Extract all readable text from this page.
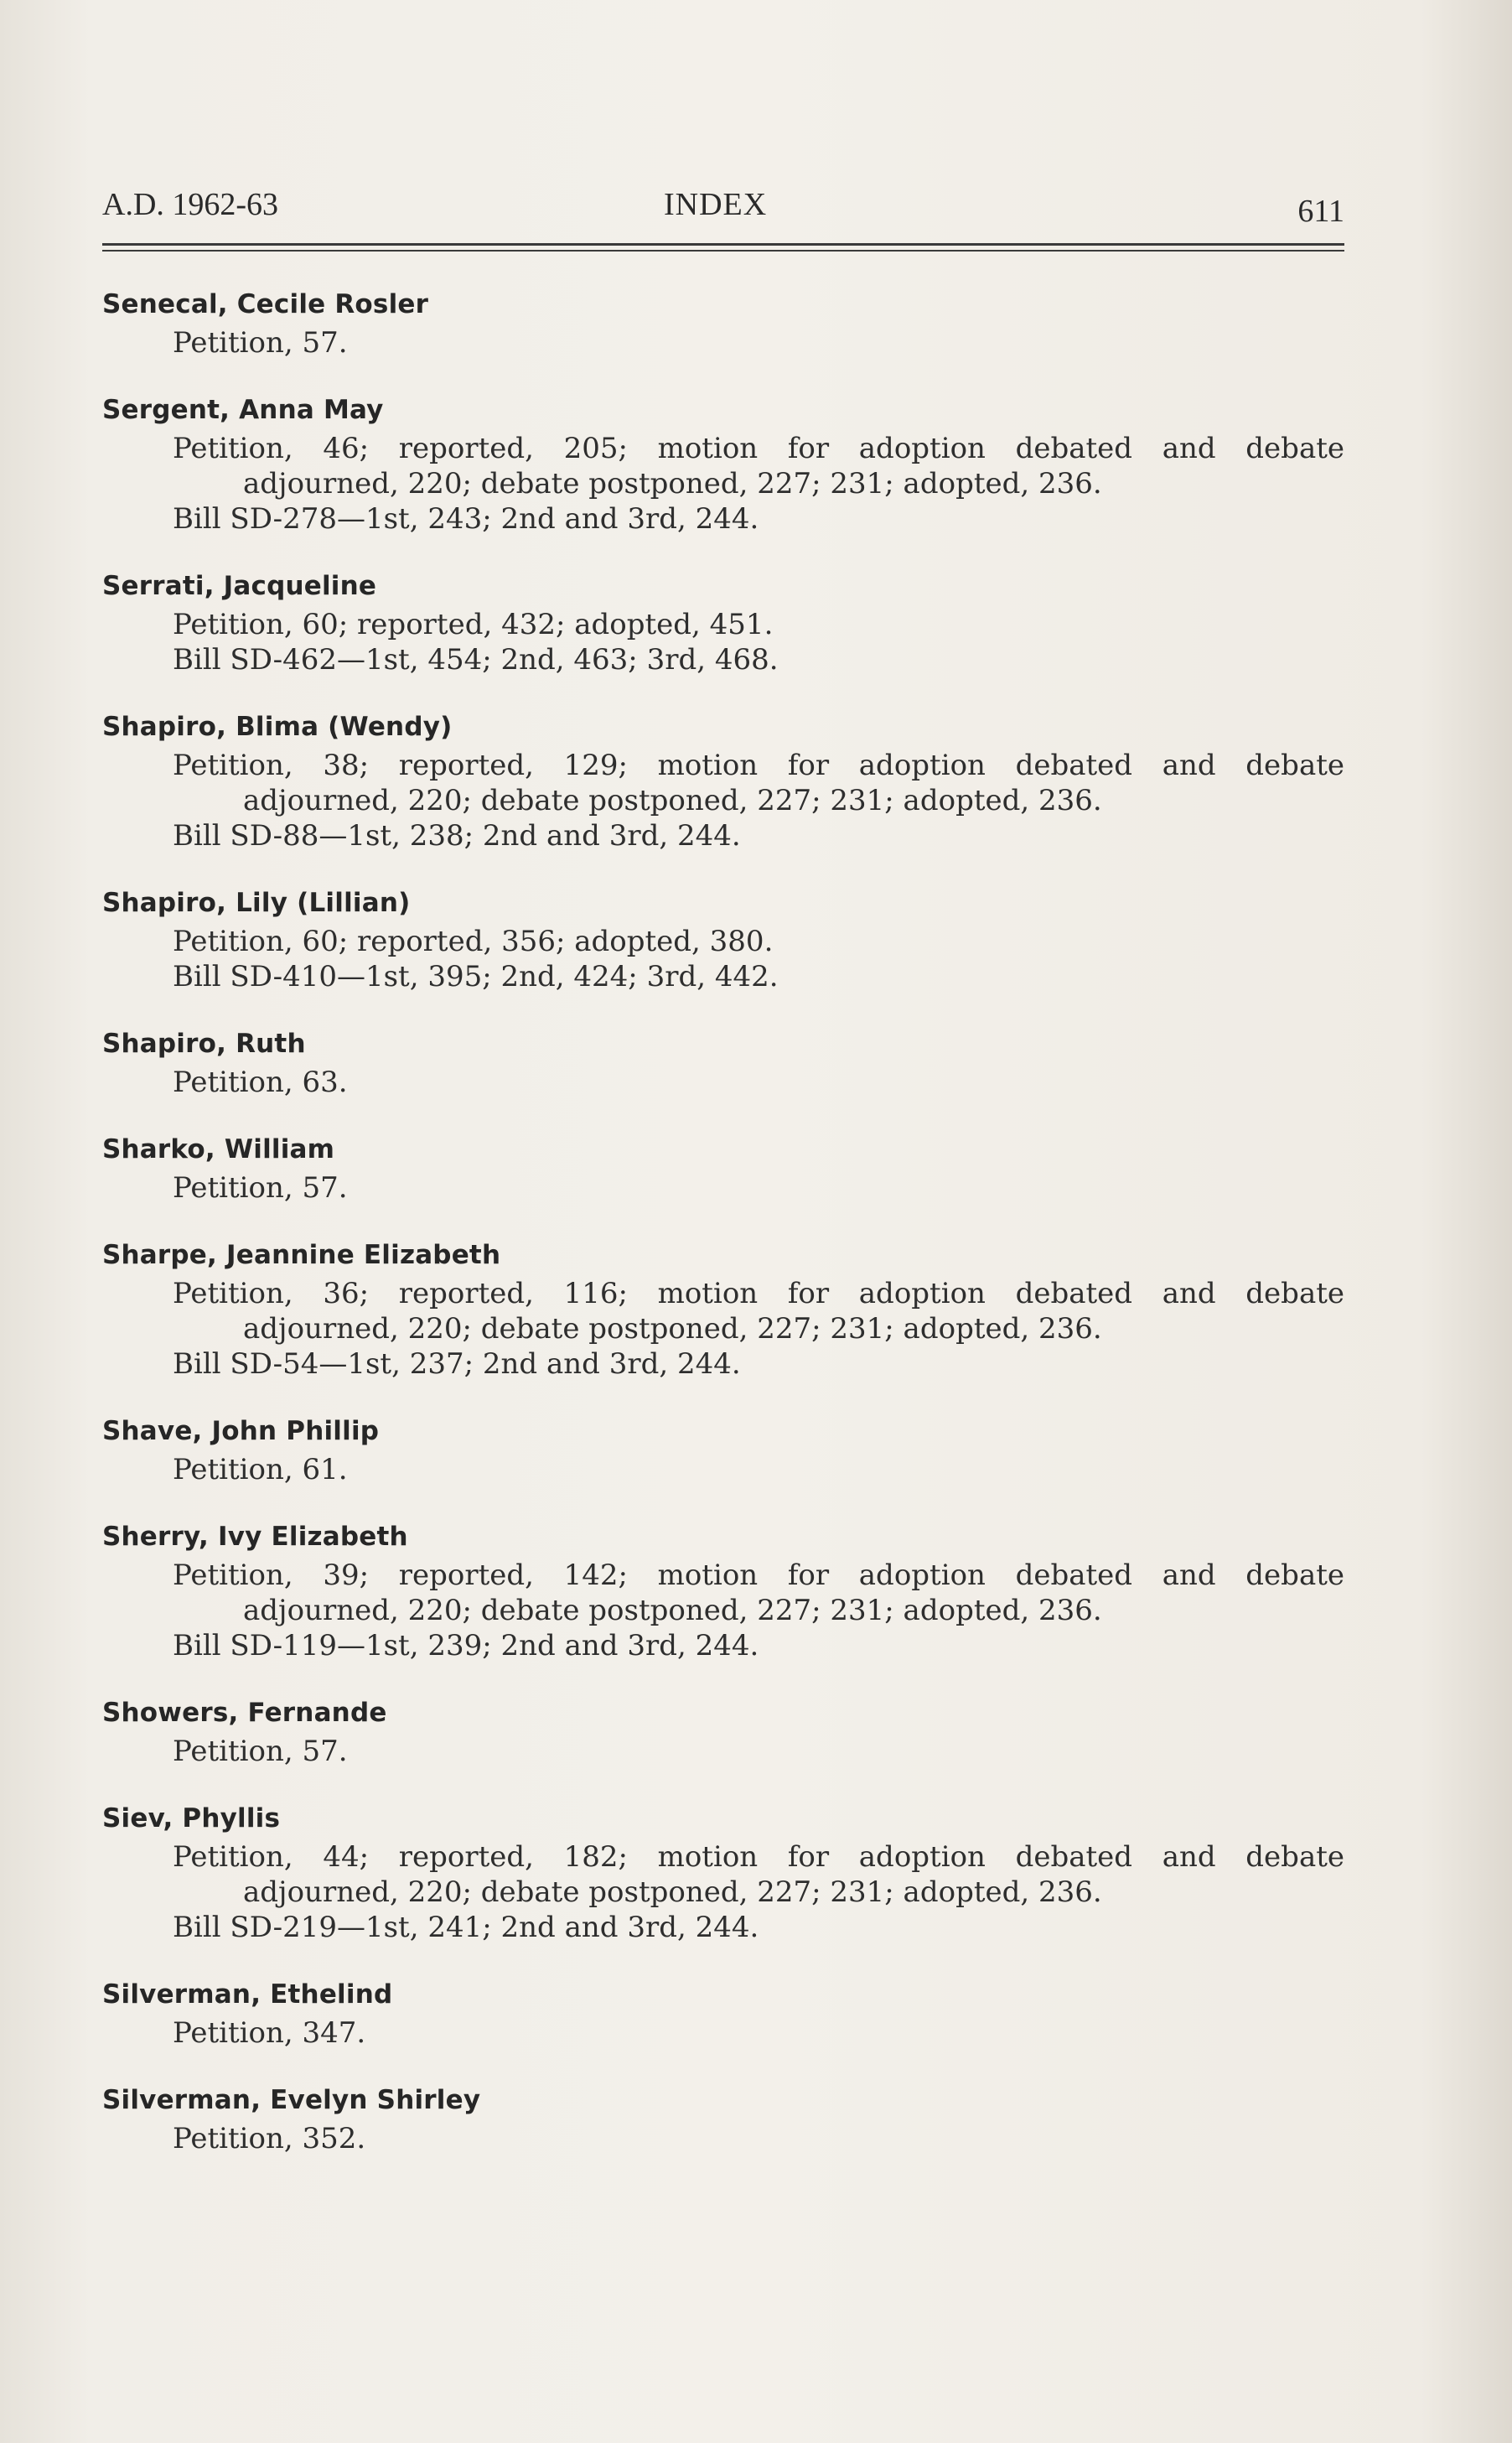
A.D. 1962-63	INDEX	611
Senecal, Cecile Rosler
Petition, 57.
Sergent, Anna May
Petition, 46; reported, 205; motion for adoption debated and debate
adjourned, 220; debate postponed, 227; 231; adopted, 236.
Bill SD-278—1st, 243; 2nd and 3rd, 244.
Serrati, Jacqueline
Petition, 60; reported, 432; adopted, 451.
Bill SD-462—1st, 454; 2nd, 463; 3rd, 468.
Shapiro, Blima (Wendy)
Petition, 38; reported, 129; motion for adoption debated and debate
adjourned, 220; debate postponed, 227; 231; adopted, 236.
Bill SD-88—1st, 238; 2nd and 3rd, 244.
Shapiro, Lily (Lillian)
Petition, 60; reported, 356; adopted, 380.
Bill SD-410—1st, 395; 2nd, 424; 3rd, 442.
Shapiro, Ruth
Petition, 63.
Sharko, William
Petition, 57.
Sharpe, Jeannine Elizabeth
Petition, 36; reported, 116; motion for adoption debated and debate
adjourned, 220; debate postponed, 227; 231; adopted, 236.
Bill SD-54—1st, 237; 2nd and 3rd, 244.
Shave, John Phillip
Petition, 61.
Sherry, Ivy Elizabeth
Petition, 39; reported, 142; motion for adoption debated and debate
adjourned, 220; debate postponed, 227; 231; adopted, 236.
Bill SD-119—1st, 239; 2nd and 3rd, 244.
Showers, Fernande
Petition, 57.
Siev, Phyllis
Petition, 44; reported, 182; motion for adoption debated and debate
adjourned, 220; debate postponed, 227; 231; adopted, 236.
Bill SD-219—1st, 241; 2nd and 3rd, 244.
Silverman, Ethelind
Petition, 347.
Silverman, Evelyn Shirley
Petition, 352.
